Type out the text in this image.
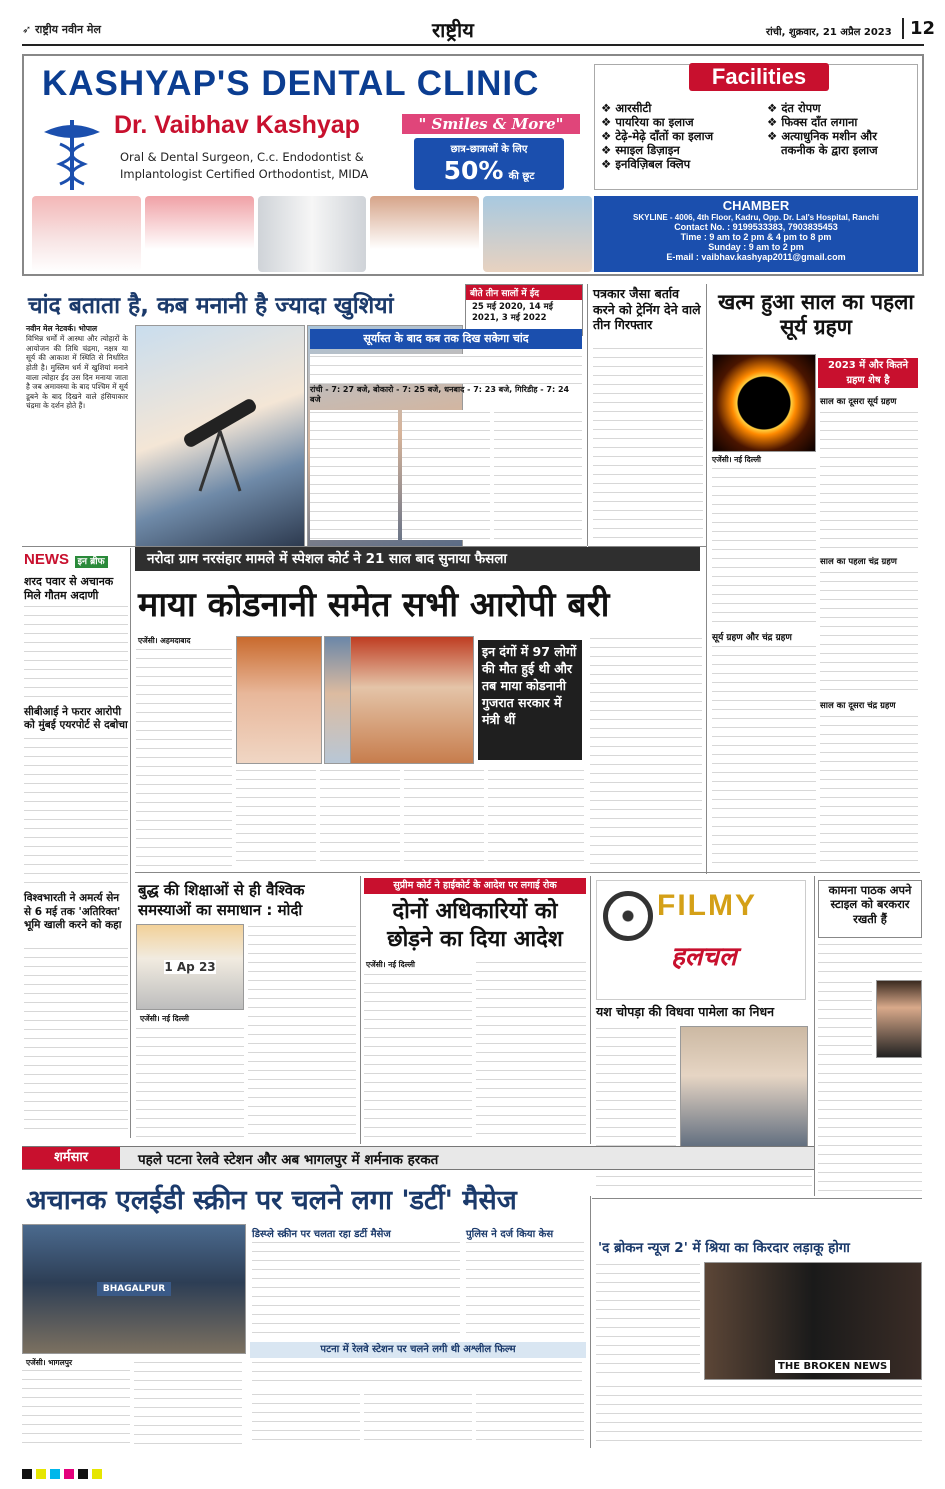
➶ राष्ट्रीय नवीन मेल	राष्ट्रीय	रांची, शुक्रवार, 21 अप्रैल 2023	12
KASHYAP'S DENTAL CLINIC
Dr. Vaibhav Kashyap
Oral & Dental Surgeon, C.c. Endodontist &
Implantologist Certified Orthodontist, MIDA
" Smiles & More"
छात्र-छात्राओं के लिए
50% की छूट
Facilities
❖ आरसीटी
❖ पायरिया का इलाज
❖ टेढ़े-मेढ़े दाँतों का इलाज
❖ स्माइल डिज़ाइन
❖ इनविज़िबल क्लिप
❖ दंत रोपण
❖ फिक्स दाँत लगाना
❖ अत्याधुनिक मशीन और
तकनीक के द्वारा इलाज
CHAMBER
SKYLINE - 4006, 4th Floor, Kadru, Opp. Dr. Lal's Hospital, Ranchi
Contact No. : 9199533383, 7903835453
Time : 9 am to 2 pm & 4 pm to 8 pm
Sunday : 9 am to 2 pm
E-mail : vaibhav.kashyap2011@gmail.com
चांद बताता है, कब मनानी है ज्यादा खुशियां	बीते तीन सालों में ईद
25 मई 2020, 14 मई 2021, 3 मई 2022
नवीन मेल नेटवर्क। भोपाल
विभिन्न धर्मों में आस्था और त्योहारों के आयोजन की तिथि चंद्रमा, नक्षत्र या सूर्य की आकाश में स्थिति से निर्धारित होती है। मुस्लिम धर्म में खुशियां मनाने वाला त्योहार ईद उस दिन मनाया जाता है जब अमावस्या के बाद पश्चिम में सूर्य डूबने के बाद दिखने वाले हंसियाकार चंद्रमा के दर्शन होते हैं।
सूर्यास्त के बाद कब तक दिख सकेगा चांद
रांची - 7: 27 बजे, बोकारो - 7: 25 बजे, धनबाद - 7: 23 बजे, गिरिडीह - 7: 24 बजे
पत्रकार जैसा बर्ताव करने को ट्रेनिंग देने वाले तीन गिरफ्तार
खत्म हुआ साल का पहला सूर्य ग्रहण
2023 में और कितने ग्रहण शेष है
साल का दूसरा सूर्य ग्रहण
एजेंसी। नई दिल्ली
साल का पहला चंद्र ग्रहण
सूर्य ग्रहण और चंद्र ग्रहण
साल का दूसरा चंद्र ग्रहण
NEWS इन ब्रीफ
शरद पवार से अचानक मिले गौतम अदाणी
सीबीआई ने फरार आरोपी को मुंबई एयरपोर्ट से दबोचा
विश्वभारती ने अमर्त्य सेन से 6 मई तक 'अतिरिक्त' भूमि खाली करने को कहा
नरोदा ग्राम नरसंहार मामले में स्पेशल कोर्ट ने 21 साल बाद सुनाया फैसला
माया कोडनानी समेत सभी आरोपी बरी
एजेंसी। अहमदाबाद
इन दंगों में 97 लोगों की मौत हुई थी और तब माया कोडनानी गुजरात सरकार में मंत्री थीं
बुद्ध की शिक्षाओं से ही वैश्विक
समस्याओं का समाधान : मोदी
1 Ap 23
एजेंसी। नई दिल्ली
सुप्रीम कोर्ट ने हाईकोर्ट के आदेश पर लगाई रोक
दोनों अधिकारियों को छोड़ने का दिया आदेश
एजेंसी। नई दिल्ली
FILMY
हलचल
यश चोपड़ा की विधवा पामेला का निधन
कामना पाठक अपने स्टाइल को बरकरार रखती हैं
शर्मसार	पहले पटना रेलवे स्टेशन और अब भागलपुर में शर्मनाक हरकत
अचानक एलईडी स्क्रीन पर चलने लगा 'डर्टी' मैसेज
BHAGALPUR
एजेंसी। भागलपुर
डिस्प्ले स्क्रीन पर चलता रहा डर्टी मैसेज	पुलिस ने दर्ज किया केस
पटना में रेलवे स्टेशन पर चलने लगी थी अश्लील फिल्म
'द ब्रोकन न्यूज 2' में श्रिया का किरदार लड़ाकू होगा
THE BROKEN NEWS
